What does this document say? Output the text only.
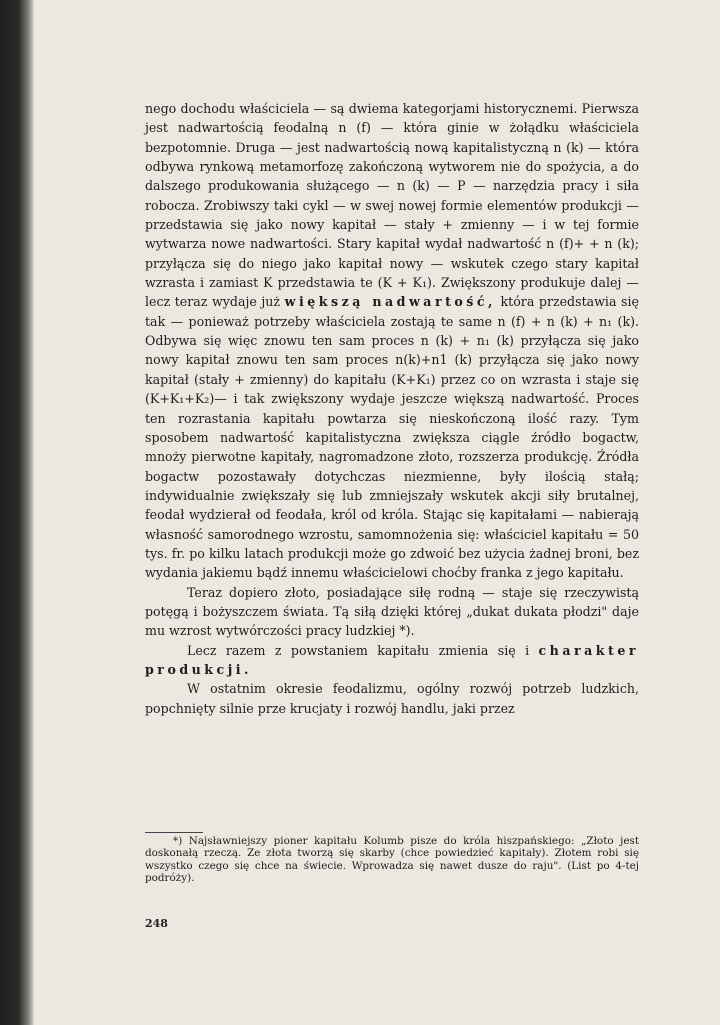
nego dochodu właściciela — są dwiema kategorjami historycznemi. Pierwsza jest nadwartością feodalną n (f) — która ginie w żołądku właściciela bezpotomnie. Druga — jest nadwartością nową kapitalistyczną n (k) — która odbywa rynkową metamorfozę zakończoną wytworem nie do spożycia, a do dalszego produkowania służącego — n (k) — P — narzędzia pracy i siła robocza. Zrobiwszy taki cykl — w swej nowej formie elementów produkcji — przedstawia się jako nowy kapitał — stały + zmienny — i w tej formie wytwarza nowe nadwartości. Stary kapitał wydał nadwartość n (f)+ + n (k); przyłącza się do niego jako kapitał nowy — wskutek czego stary kapitał wzrasta i zamiast K przedstawia te (K + K₁). Zwiększony produkuje dalej — lecz teraz wydaje już większą nadwartość, która przedstawia się tak — ponieważ potrzeby właściciela zostają te same n (f) + n (k) + n₁ (k). Odbywa się więc znowu ten sam proces n (k) + n₁ (k) przyłącza się jako nowy kapitał znowu ten sam proces n(k)+n1 (k) przyłącza się jako nowy kapitał (stały + zmienny) do kapitału (K+K₁) przez co on wzrasta i staje się (K+K₁+K₂)— i tak zwiększony wydaje jeszcze większą nadwartość. Proces ten rozrastania kapitału powtarza się nieskończoną ilość razy. Tym sposobem nadwartość kapitalistyczna zwiększa ciągle źródło bogactw, mnoży pierwotne kapitały, nagromadzone złoto, rozszerza produkcję. Źródła bogactw pozostawały dotychczas niezmienne, były ilością stałą; indywidualnie zwiększały się lub zmniejszały wskutek akcji siły brutalnej, feodał wydzierał od feodała, król od króla. Stając się kapitałami — nabierają własność samorodnego wzrostu, samomnożenia się: właściciel kapitału = 50 tys. fr. po kilku latach produkcji może go zdwoić bez użycia żadnej broni, bez wydania jakiemu bądź innemu właścicielowi choćby franka z jego kapitału.

Teraz dopiero złoto, posiadające siłę rodną — staje się rzeczywistą potęgą i bożyszczem świata. Tą siłą dzięki której „dukat dukata płodzi" daje mu wzrost wytwórczości pracy ludzkiej *).

Lecz razem z powstaniem kapitału zmienia się i charakter produkcji.

W ostatnim okresie feodalizmu, ogólny rozwój potrzeb ludzkich, popchnięty silnie prze krucjaty i rozwój handlu, jaki przez

*) Najsławniejszy pioner kapitału Kolumb pisze do króla hiszpańskiego: „Złoto jest doskonałą rzeczą. Ze złota tworzą się skarby (chce powiedzieć kapitały). Złotem robi się wszystko czego się chce na świecie. Wprowadza się nawet dusze do raju". (List po 4-tej podróży).

248
